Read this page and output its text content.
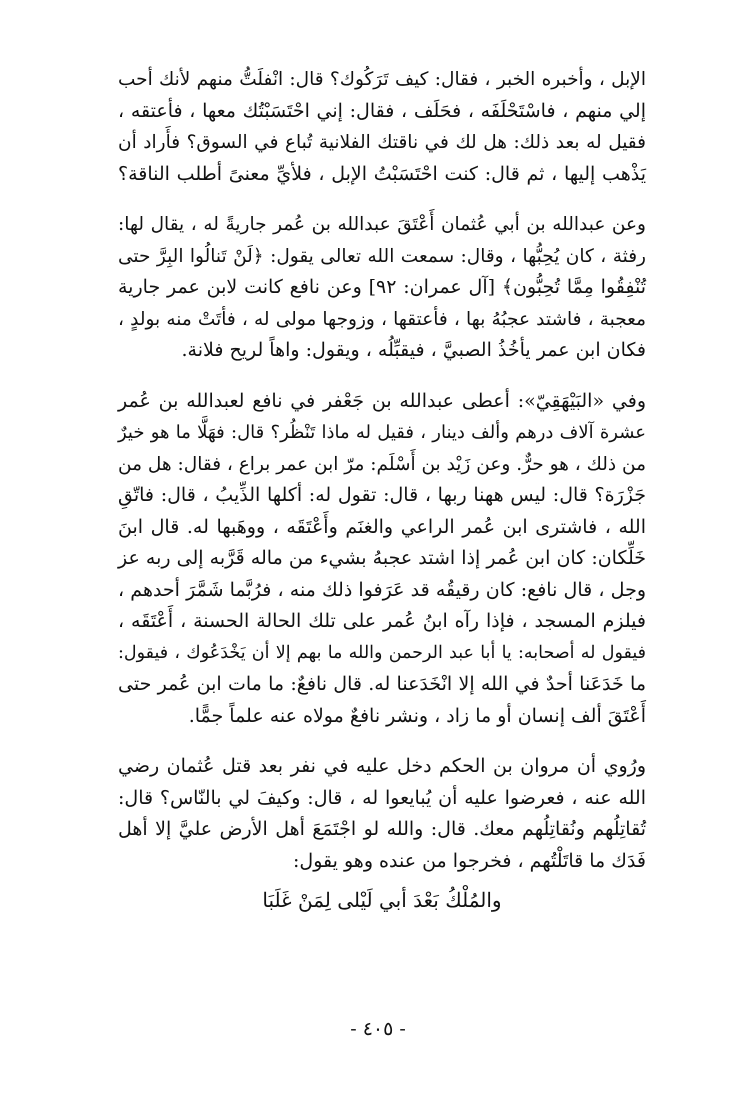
الإبل ، وأخبره الخبر ، فقال: كيف تَرَكُوك؟ قال: انْفلَتُّ منهم لأنك أحب
إلي منهم ، فاسْتَحْلَفَه ، فحَلَف ، فقال: إني احْتَسَبْتُك معها ، فأعتقه ،
فقيل له بعد ذلك: هل لك في ناقتك الفلانية تُباع في السوق؟ فأَراد أن
يَذْهب إليها ، ثم قال: كنت احْتَسَبْتُ الإبل ، فلأيِّ معنىً أطلب الناقة؟
وعن عبدالله بن أبي عُثمان أَعْتَقَ عبدالله بن عُمر جاريةً له ، يقال لها:
رفثة ، كان يُحِبُّها ، وقال: سمعت الله تعالى يقول: ﴿لَنْ تَنالُوا البِرَّ حتى
تُنْفِقُوا مِمَّا تُحِبُّون﴾ [آل عمران: ٩٢] وعن نافع كانت لابن عمر جارية
معجبة ، فاشتد عجبُهُ بها ، فأعتقها ، وزوجها مولى له ، فأتَتْ منه بولدٍ ،
فكان ابن عمر يأخُذُ الصبيَّ ، فيقبِّلُه ، ويقول: واهاً لريح فلانة.
وفي «البَيْهَقِيّ»: أعطى عبدالله بن جَعْفر في نافع لعبدالله بن عُمر
عشرة آلاف درهم وألف دينار ، فقيل له ماذا تَنْظُر؟ قال: فهَلَّا ما هو خيرٌ
من ذلك ، هو حرٌّ. وعن زَيْد بن أَسْلَم: مرّ ابن عمر براع ، فقال: هل من
جَزْرَة؟ قال: ليس ههنا ربها ، قال: تقول له: أكلها الذِّيبُ ، قال: فاتّقِ
الله ، فاشترى ابن عُمر الراعي والغنَم وأَعْتَقَه ، ووهَبها له. قال ابنَ
خَلِّكان: كان ابن عُمر إذا اشتد عجبهُ بشيء من ماله قَرَّبه إلى ربه عز
وجل ، قال نافع: كان رقيقُه قد عَرَفوا ذلك منه ، فرُبَّما شَمَّرَ أحدهم ،
فيلزم المسجد ، فإذا رآه ابنُ عُمر على تلك الحالة الحسنة ، أَعْتَقَه ،
فيقول له أصحابه: يا أبا عبد الرحمن والله ما بهم إلا أن يَخْدَعُوك ، فيقول:
ما خَدَعَنا أحدٌ في الله إلا انْخَدَعنا له. قال نافعٌ: ما مات ابن عُمر حتى
أَعْتَقَ ألف إنسان أو ما زاد ، ونشر نافعٌ مولاه عنه علماً جمًّا.
ورُوي أن مروان بن الحكم دخل عليه في نفر بعد قتل عُثمان رضي
الله عنه ، فعرضوا عليه أن يُبايعوا له ، قال: وكيفَ لي بالنّاس؟ قال:
تُقاتِلُهم ونُقاتِلُهم معك. قال: والله لو اجْتَمَعَ أهل الأرض عليَّ إلا أهل
فَدَك ما قاتَلْتُهم ، فخرجوا من عنده وهو يقول:
والمُلْكُ بَعْدَ أبي لَيْلى لِمَنْ غَلَبَا
- ٤٠٥ -
